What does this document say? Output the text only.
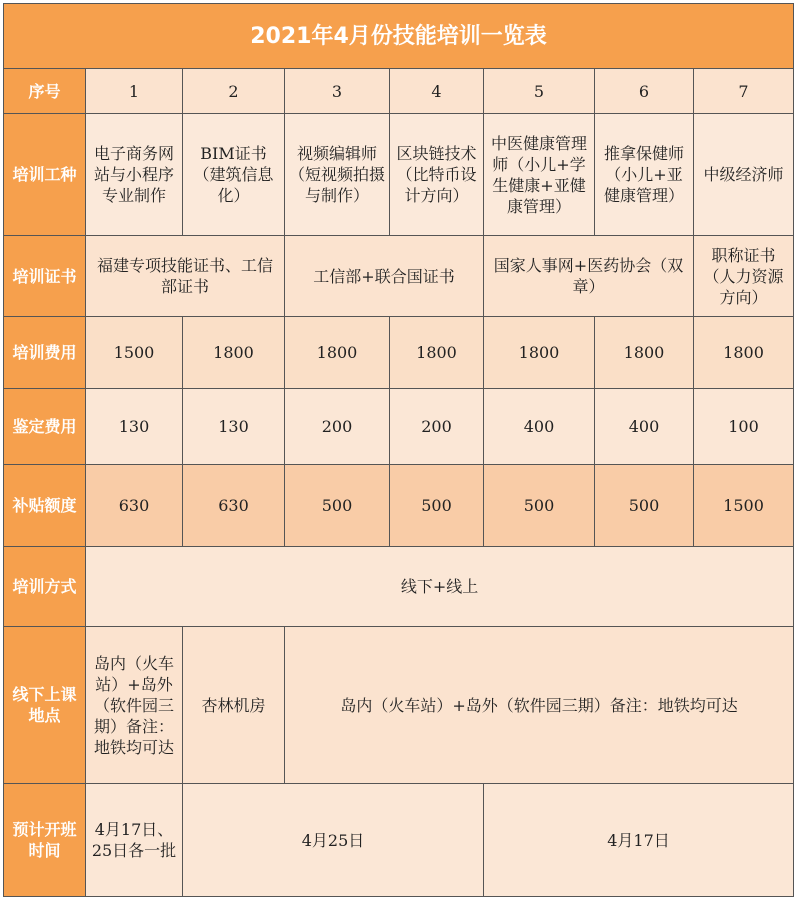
2021年4月份技能培训一览表							
序号	1	2	3	4	5	6	7
培训工种	电子商务网站与小程序专业制作	BIM证书（建筑信息化）	视频编辑师（短视频拍摄与制作）	区块链技术（比特币设计方向）	中医健康管理师（小儿+学生健康+亚健康管理）	推拿保健师（小儿+亚健康管理）	中级经济师
培训证书	福建专项技能证书、工信部证书		工信部+联合国证书		国家人事网+医药协会（双章）		职称证书（人力资源方向）
培训费用	1500	1800	1800	1800	1800	1800	1800
鉴定费用	130	130	200	200	400	400	100
补贴额度	630	630	500	500	500	500	1500
培训方式	线下+线上						
线下上课地点	岛内（火车站）+岛外（软件园三期）备注：地铁均可达	杏林机房	岛内（火车站）+岛外（软件园三期）备注：地铁均可达				
预计开班时间	4月17日、25日各一批	4月25日			4月17日		
